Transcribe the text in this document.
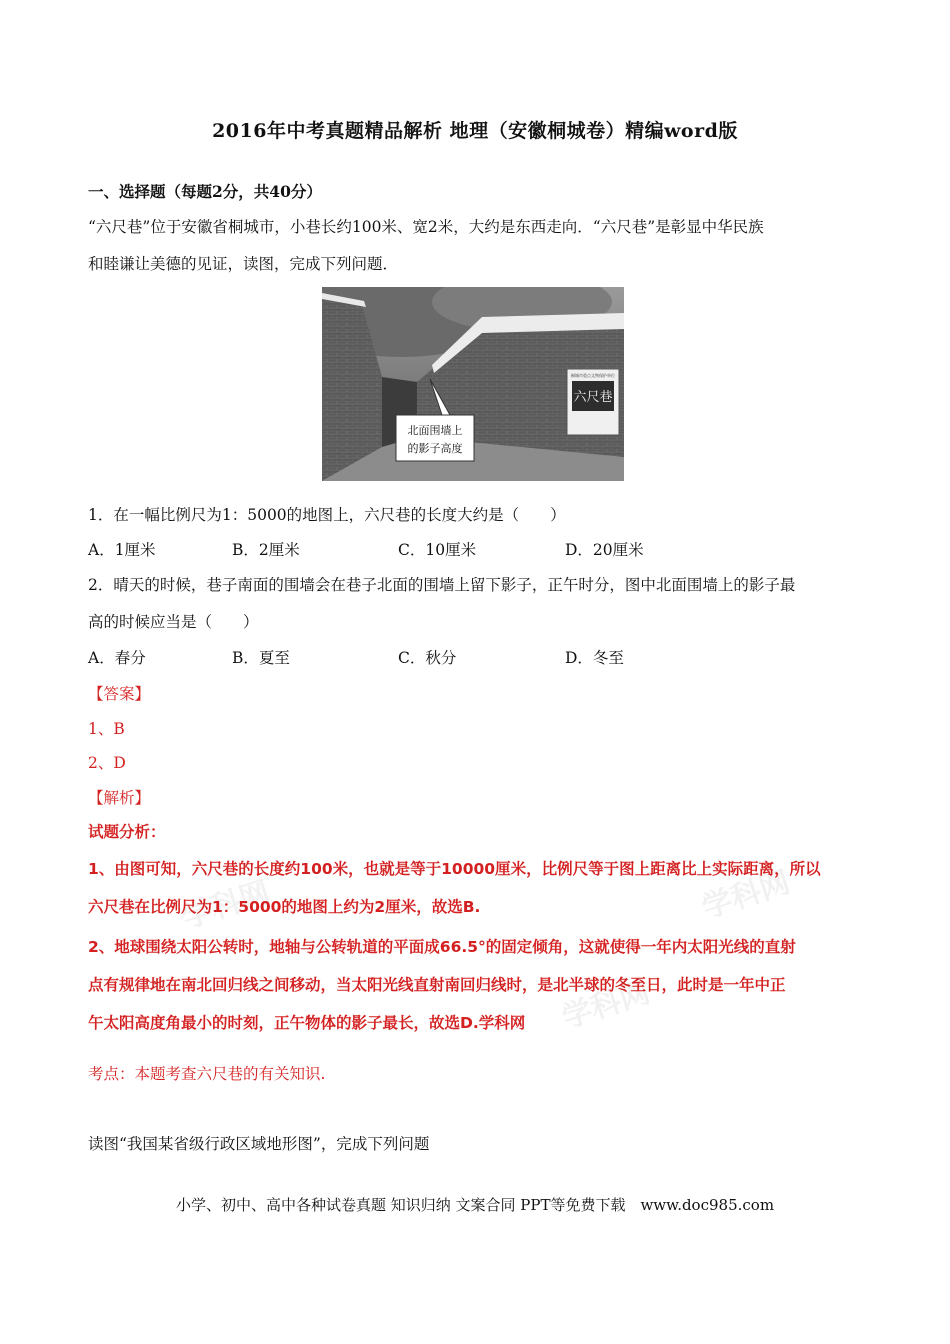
学科网
学科网
学科网
2016年中考真题精品解析 地理（安徽桐城卷）精编word版
一、选择题（每题2分，共40分）
“六尺巷”位于安徽省桐城市，小巷长约100米、宽2米，大约是东西走向．“六尺巷”是彰显中华民族
和睦谦让美德的见证，读图，完成下列问题．
六尺巷
桐城市重点文物保护单位
北面围墙上
的影子高度
1．在一幅比例尺为1：5000的地图上，六尺巷的长度大约是（　　）
A．1厘米	B．2厘米	C．10厘米	D．20厘米
2．晴天的时候，巷子南面的围墙会在巷子北面的围墙上留下影子，正午时分，图中北面围墙上的影子最
高的时候应当是（　　）
A．春分	B．夏至	C．秋分	D．冬至
【答案】
1、B
2、D
【解析】
试题分析：
1、由图可知，六尺巷的长度约100米，也就是等于10000厘米，比例尺等于图上距离比上实际距离，所以
六尺巷在比例尺为1：5000的地图上约为2厘米，故选B.
2、地球围绕太阳公转时，地轴与公转轨道的平面成66.5°的固定倾角，这就使得一年内太阳光线的直射
点有规律地在南北回归线之间移动，当太阳光线直射南回归线时，是北半球的冬至日，此时是一年中正
午太阳高度角最小的时刻，正午物体的影子最长，故选D.学科网
考点：本题考查六尺巷的有关知识.
读图“我国某省级行政区域地形图”，完成下列问题
小学、初中、高中各种试卷真题 知识归纳 文案合同 PPT等免费下载　www.doc985.com
